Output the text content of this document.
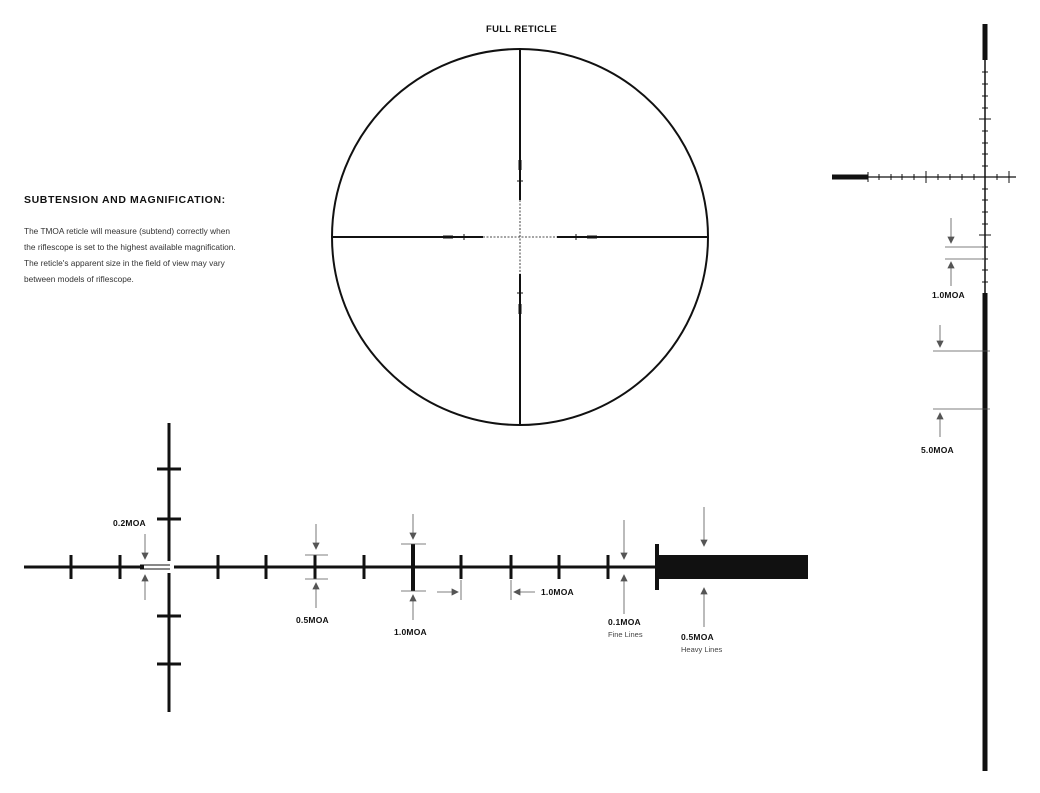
FULL RETICLE
SUBTENSION AND MAGNIFICATION:
The TMOA reticle will measure (subtend) correctly when the riflescope is set to the highest available magnification. The reticle's apparent size in the field of view may vary between models of riflescope.
0.2MOA
0.5MOA
1.0MOA
1.0MOA
0.1MOA
Fine Lines	0.5MOA
Heavy Lines
1.0MOA
5.0MOA
